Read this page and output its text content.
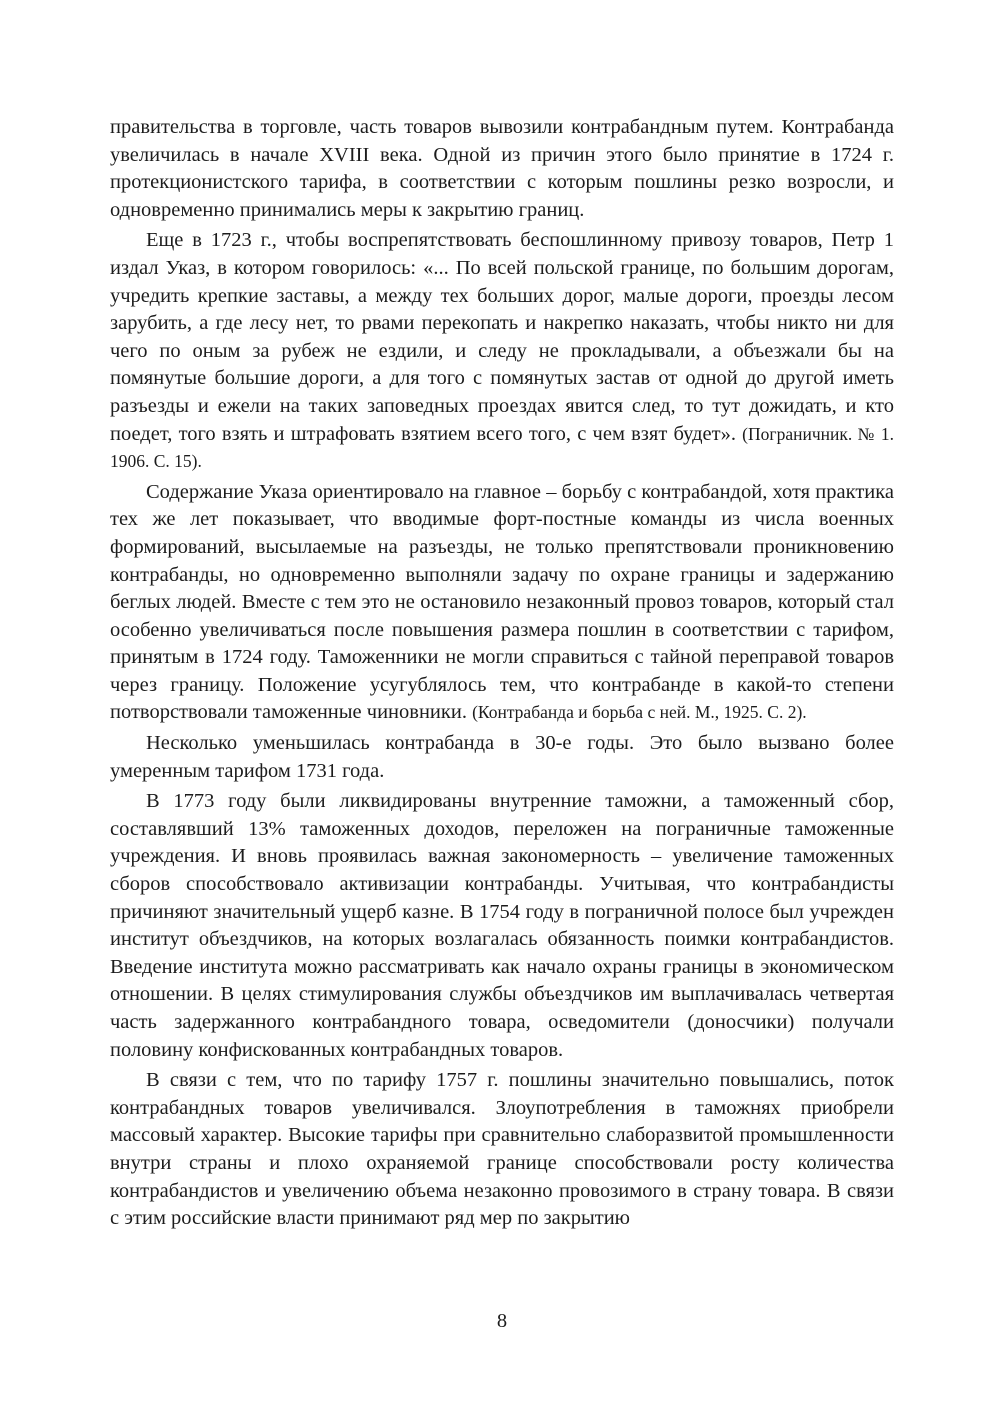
правительства в торговле, часть товаров вывозили контрабандным путем. Контрабанда увеличилась в начале XVIII века. Одной из причин этого было принятие в 1724 г. протекционистского тарифа, в соответствии с которым пошлины резко возросли, и одновременно принимались меры к закрытию границ.

Еще в 1723 г., чтобы воспрепятствовать беспошлинному привозу товаров, Петр 1 издал Указ, в котором говорилось: «... По всей польской границе, по большим дорогам, учредить крепкие заставы, а между тех больших дорог, малые дороги, проезды лесом зарубить, а где лесу нет, то рвами перекопать и накрепко наказать, чтобы никто ни для чего по оным за рубеж не ездили, и следу не прокладывали, а объезжали бы на помянутые большие дороги, а для того с помянутых застав от одной до другой иметь разъезды и ежели на таких заповедных проездах явится след, то тут дожидать, и кто поедет, того взять и штрафовать взятием всего того, с чем взят будет». (Пограничник. № 1. 1906. С. 15).

Содержание Указа ориентировало на главное – борьбу с контрабандой, хотя практика тех же лет показывает, что вводимые форт-постные команды из числа военных формирований, высылаемые на разъезды, не только препятствовали проникновению контрабанды, но одновременно выполняли задачу по охране границы и задержанию беглых людей. Вместе с тем это не остановило незаконный провоз товаров, который стал особенно увеличиваться после повышения размера пошлин в соответствии с тарифом, принятым в 1724 году. Таможенники не могли справиться с тайной переправой товаров через границу. Положение усугублялось тем, что контрабанде в какой-то степени потворствовали таможенные чиновники. (Контрабанда и борьба с ней. М., 1925. С. 2).

Несколько уменьшилась контрабанда в 30-е годы. Это было вызвано более умеренным тарифом 1731 года.

В 1773 году были ликвидированы внутренние таможни, а таможенный сбор, составлявший 13% таможенных доходов, переложен на пограничные таможенные учреждения. И вновь проявилась важная закономерность – увеличение таможенных сборов способствовало активизации контрабанды. Учитывая, что контрабандисты причиняют значительный ущерб казне. В 1754 году в пограничной полосе был учрежден институт объездчиков, на которых возлагалась обязанность поимки контрабандистов. Введение института можно рассматривать как начало охраны границы в экономическом отношении. В целях стимулирования службы объездчиков им выплачивалась четвертая часть задержанного контрабандного товара, осведомители (доносчики) получали половину конфискованных контрабандных товаров.

В связи с тем, что по тарифу 1757 г. пошлины значительно повышались, поток контрабандных товаров увеличивался. Злоупотребления в таможнях приобрели массовый характер. Высокие тарифы при сравнительно слаборазвитой промышленности внутри страны и плохо охраняемой границе способствовали росту количества контрабандистов и увеличению объема незаконно провозимого в страну товара. В связи с этим российские власти принимают ряд мер по закрытию

8
